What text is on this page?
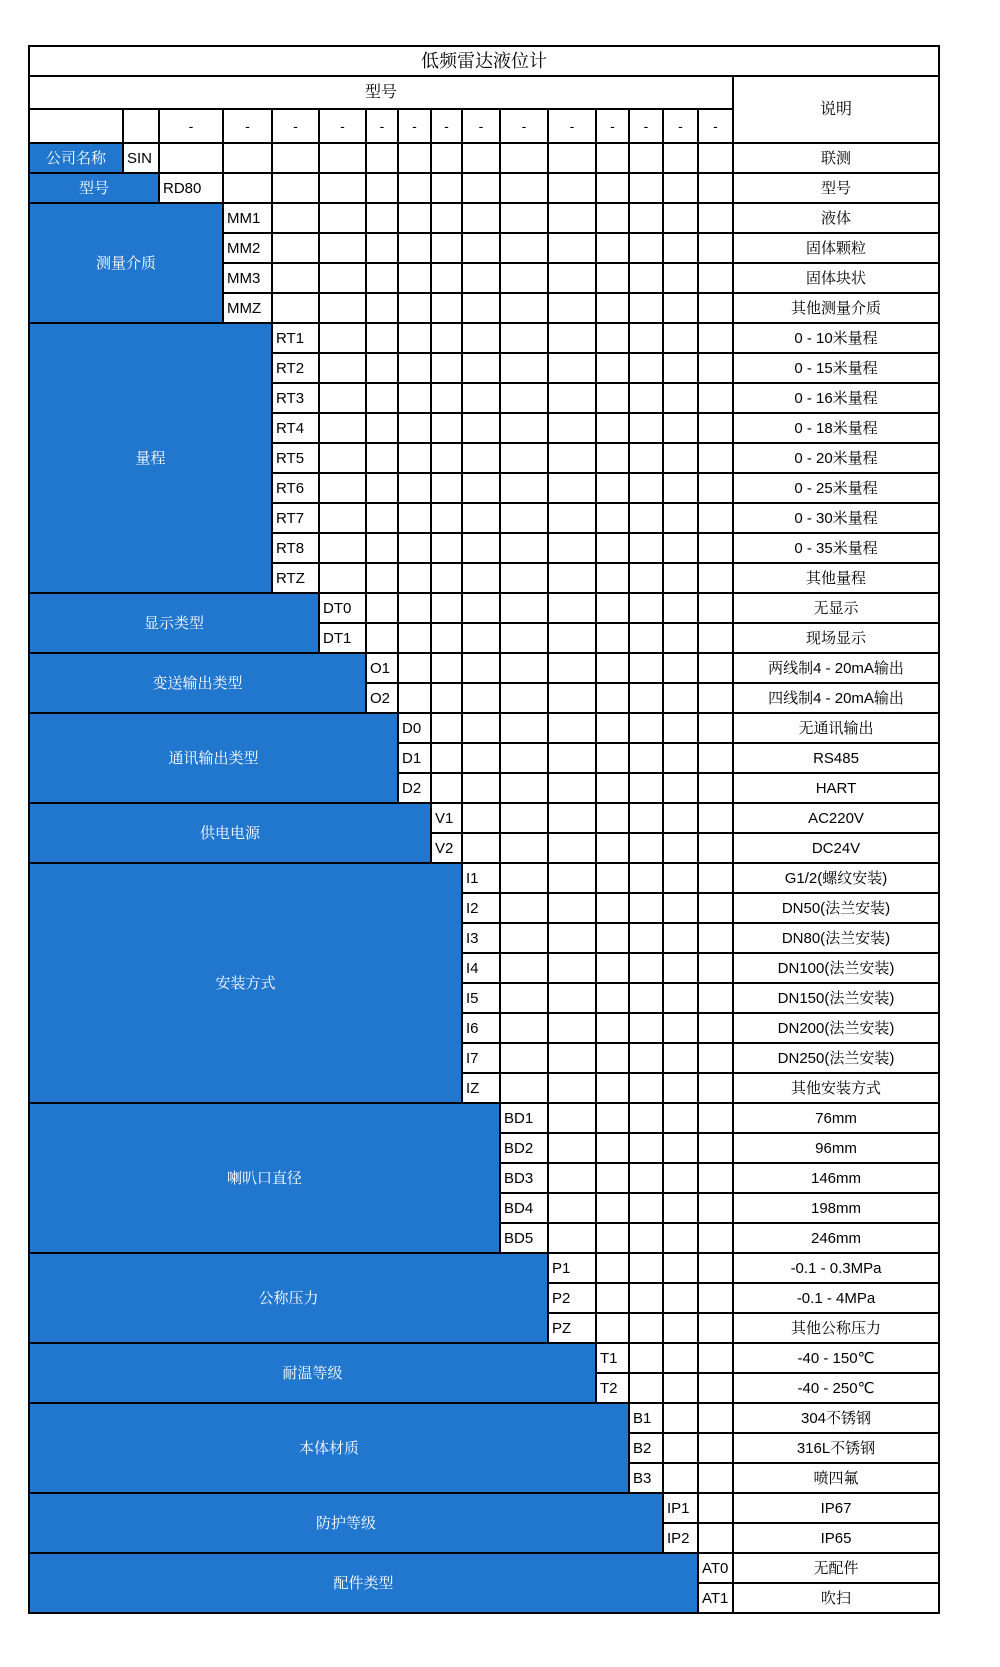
低频雷达液位计
型号
说明
-	-	-	-	-	-	-	-	-	-	-	-	-	-
公司名称	SIN	联测
型号	RD80	型号
测量介质
MM1	液体
MM2	固体颗粒
MM3	固体块状
MMZ	其他测量介质
量程
RT1	0 - 10米量程
RT2	0 - 15米量程
RT3	0 - 16米量程
RT4	0 - 18米量程
RT5	0 - 20米量程
RT6	0 - 25米量程
RT7	0 - 30米量程
RT8	0 - 35米量程
RTZ	其他量程
显示类型
DT0	无显示
DT1	现场显示
变送输出类型
O1	两线制4 - 20mA输出
O2	四线制4 - 20mA输出
通讯输出类型
D0	无通讯输出
D1	RS485
D2	HART
供电电源
V1	AC220V
V2	DC24V
安装方式
I1	G1/2(螺纹安装)
I2	DN50(法兰安装)
I3	DN80(法兰安装)
I4	DN100(法兰安装)
I5	DN150(法兰安装)
I6	DN200(法兰安装)
I7	DN250(法兰安装)
IZ	其他安装方式
喇叭口直径
BD1	76mm
BD2	96mm
BD3	146mm
BD4	198mm
BD5	246mm
公称压力
P1	-0.1 - 0.3MPa
P2	-0.1 - 4MPa
PZ	其他公称压力
耐温等级
T1	-40 - 150℃
T2	-40 - 250℃
本体材质
B1	304不锈钢
B2	316L不锈钢
B3	喷四氟
防护等级
IP1	IP67
IP2	IP65
配件类型
AT0	无配件
AT1	吹扫
